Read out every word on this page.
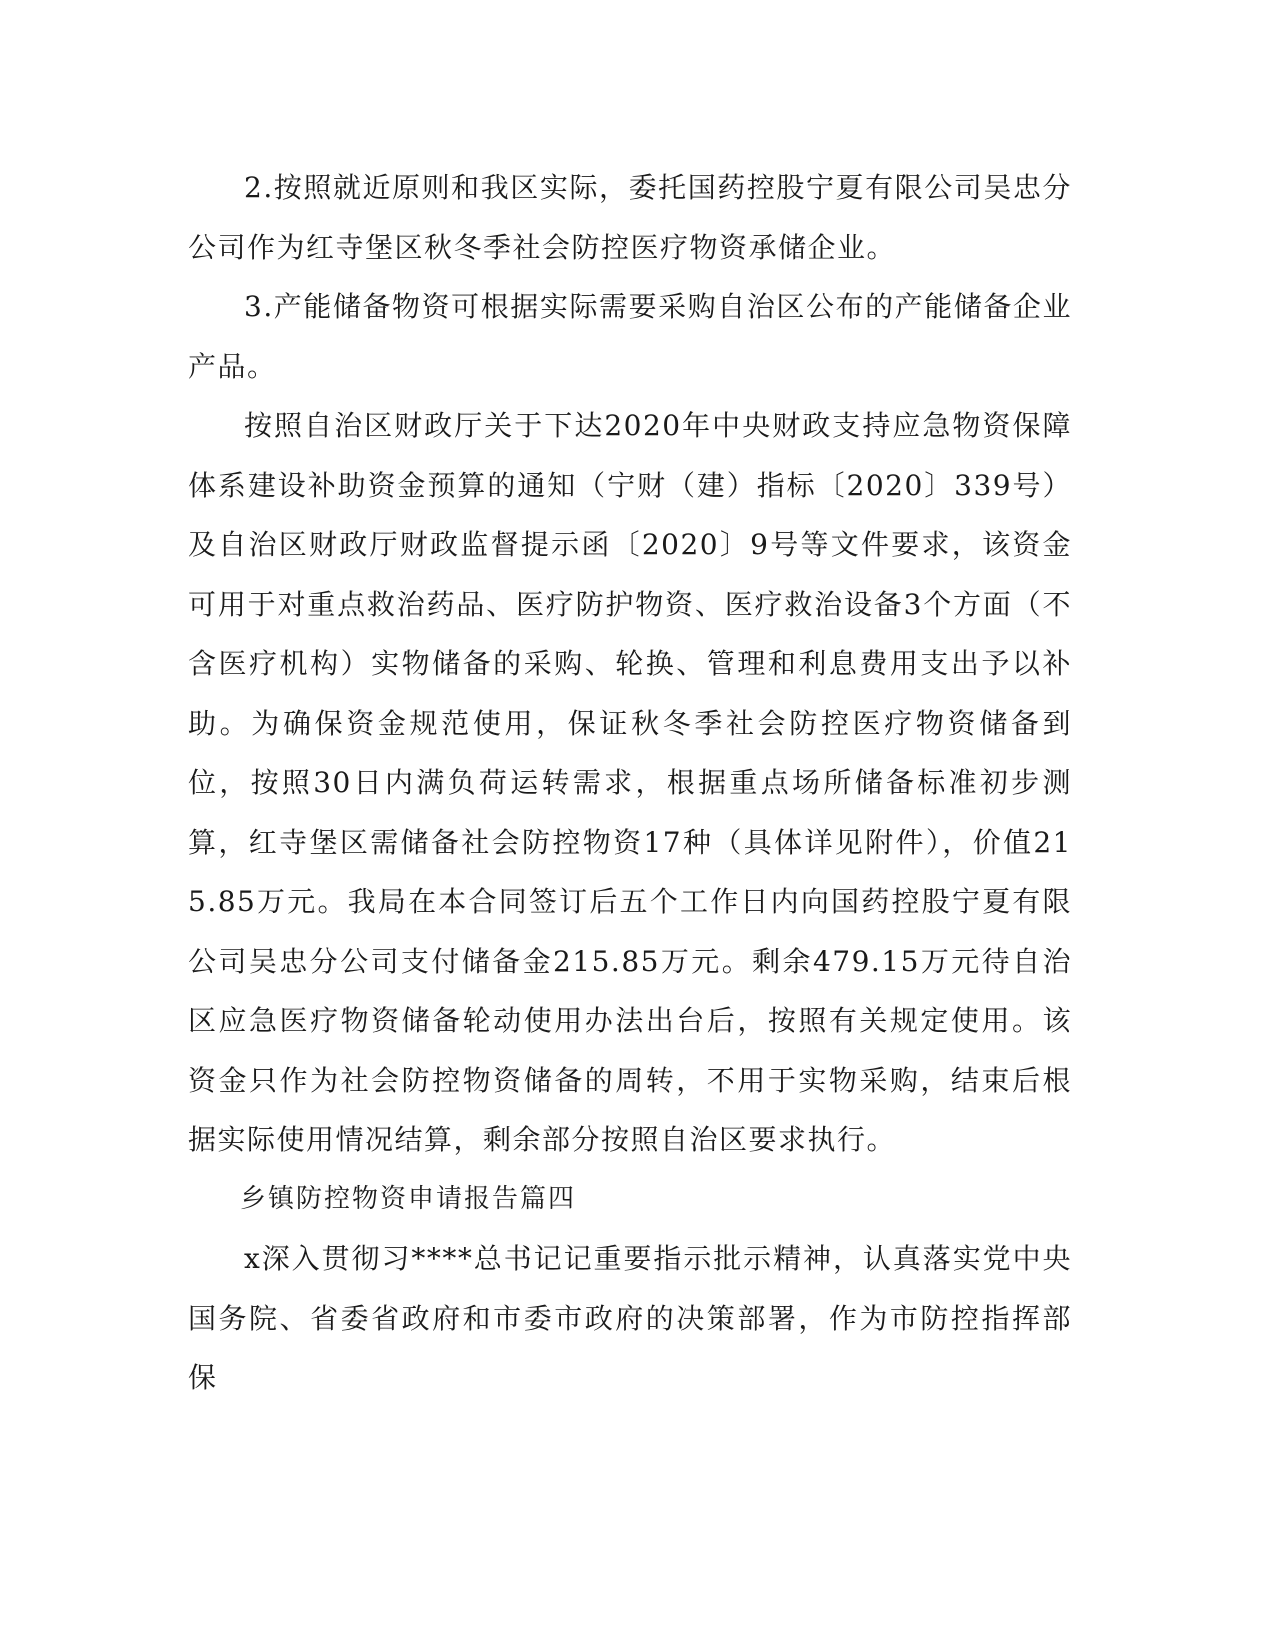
2.按照就近原则和我区实际，委托国药控股宁夏有限公司吴忠分公司作为红寺堡区秋冬季社会防控医疗物资承储企业。

3.产能储备物资可根据实际需要采购自治区公布的产能储备企业产品。

按照自治区财政厅关于下达2020年中央财政支持应急物资保障体系建设补助资金预算的通知（宁财（建）指标〔2020〕339号）及自治区财政厅财政监督提示函〔2020〕9号等文件要求，该资金可用于对重点救治药品、医疗防护物资、医疗救治设备3个方面（不含医疗机构）实物储备的采购、轮换、管理和利息费用支出予以补助。为确保资金规范使用，保证秋冬季社会防控医疗物资储备到位，按照30日内满负荷运转需求，根据重点场所储备标准初步测算，红寺堡区需储备社会防控物资17种（具体详见附件），价值215.85万元。我局在本合同签订后五个工作日内向国药控股宁夏有限公司吴忠分公司支付储备金215.85万元。剩余479.15万元待自治区应急医疗物资储备轮动使用办法出台后，按照有关规定使用。该资金只作为社会防控物资储备的周转，不用于实物采购，结束后根据实际使用情况结算，剩余部分按照自治区要求执行。

乡镇防控物资申请报告篇四

x深入贯彻习****总书记记重要指示批示精神，认真落实党中央国务院、省委省政府和市委市政府的决策部署，作为市防控指挥部保
